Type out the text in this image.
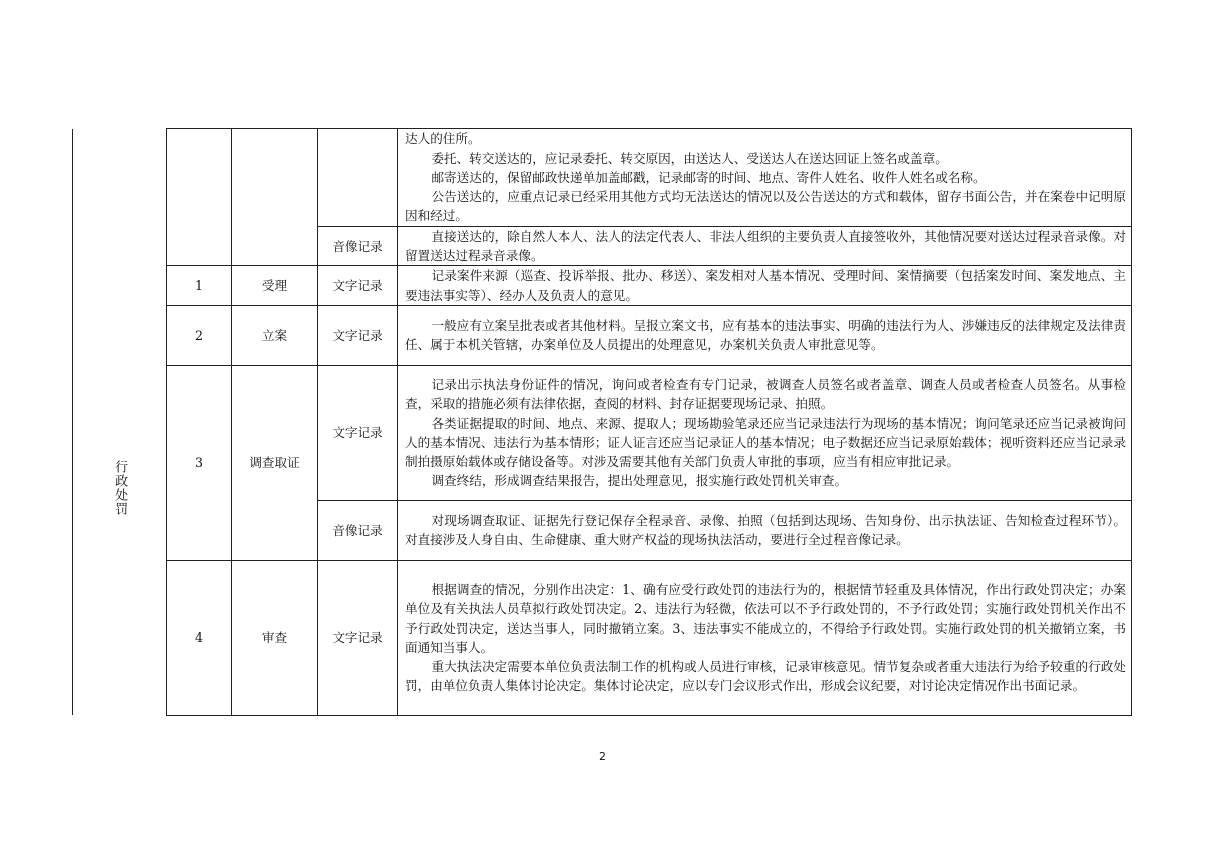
				达人的住所。
委托、转交送达的，应记录委托、转交原因，由送达人、受送达人在送达回证上签名或盖章。
邮寄送达的，保留邮政快递单加盖邮戳，记录邮寄的时间、地点、寄件人姓名、收件人姓名或名称。
公告送达的，应重点记录已经采用其他方式均无法送达的情况以及公告送达的方式和载体，留存书面公告，并在案卷中记明原因和经过。

			音像记录	直接送达的，除自然人本人、法人的法定代表人、非法人组织的主要负责人直接签收外，其他情况要对送达过程录音录像。对留置送达过程录音录像。

行政处罚	1	受理	文字记录	记录案件来源（巡查、投诉举报、批办、移送）、案发相对人基本情况、受理时间、案情摘要（包括案发时间、案发地点、主要违法事实等）、经办人及负责人的意见。

	2	立案	文字记录	一般应有立案呈批表或者其他材料。呈报立案文书，应有基本的违法事实、明确的违法行为人、涉嫌违反的法律规定及法律责任、属于本机关管辖，办案单位及人员提出的处理意见，办案机关负责人审批意见等。

	3	调查取证	文字记录	记录出示执法身份证件的情况，询问或者检查有专门记录，被调查人员签名或者盖章、调查人员或者检查人员签名。从事检查，采取的措施必须有法律依据，查阅的材料、封存证据要现场记录、拍照。
各类证据提取的时间、地点、来源、提取人；现场勘验笔录还应当记录违法行为现场的基本情况；询问笔录还应当记录被询问人的基本情况、违法行为基本情形；证人证言还应当记录证人的基本情况；电子数据还应当记录原始载体；视听资料还应当记录录制拍摄原始载体或存储设备等。对涉及需要其他有关部门负责人审批的事项，应当有相应审批记录。
调查终结，形成调查结果报告，提出处理意见，报实施行政处罚机关审查。

			音像记录	对现场调查取证、证据先行登记保存全程录音、录像、拍照（包括到达现场、告知身份、出示执法证、告知检查过程环节）。对直接涉及人身自由、生命健康、重大财产权益的现场执法活动，要进行全过程音像记录。

	4	审查	文字记录	根据调查的情况，分别作出决定：1、确有应受行政处罚的违法行为的，根据情节轻重及具体情况，作出行政处罚决定；办案单位及有关执法人员草拟行政处罚决定。2、违法行为轻微，依法可以不予行政处罚的，不予行政处罚；实施行政处罚机关作出不予行政处罚决定，送达当事人，同时撤销立案。3、违法事实不能成立的，不得给予行政处罚。实施行政处罚的机关撤销立案，书面通知当事人。
重大执法决定需要本单位负责法制工作的机构或人员进行审核，记录审核意见。情节复杂或者重大违法行为给予较重的行政处罚，由单位负责人集体讨论决定。集体讨论决定，应以专门会议形式作出，形成会议纪要，对讨论决定情况作出书面记录。
2
